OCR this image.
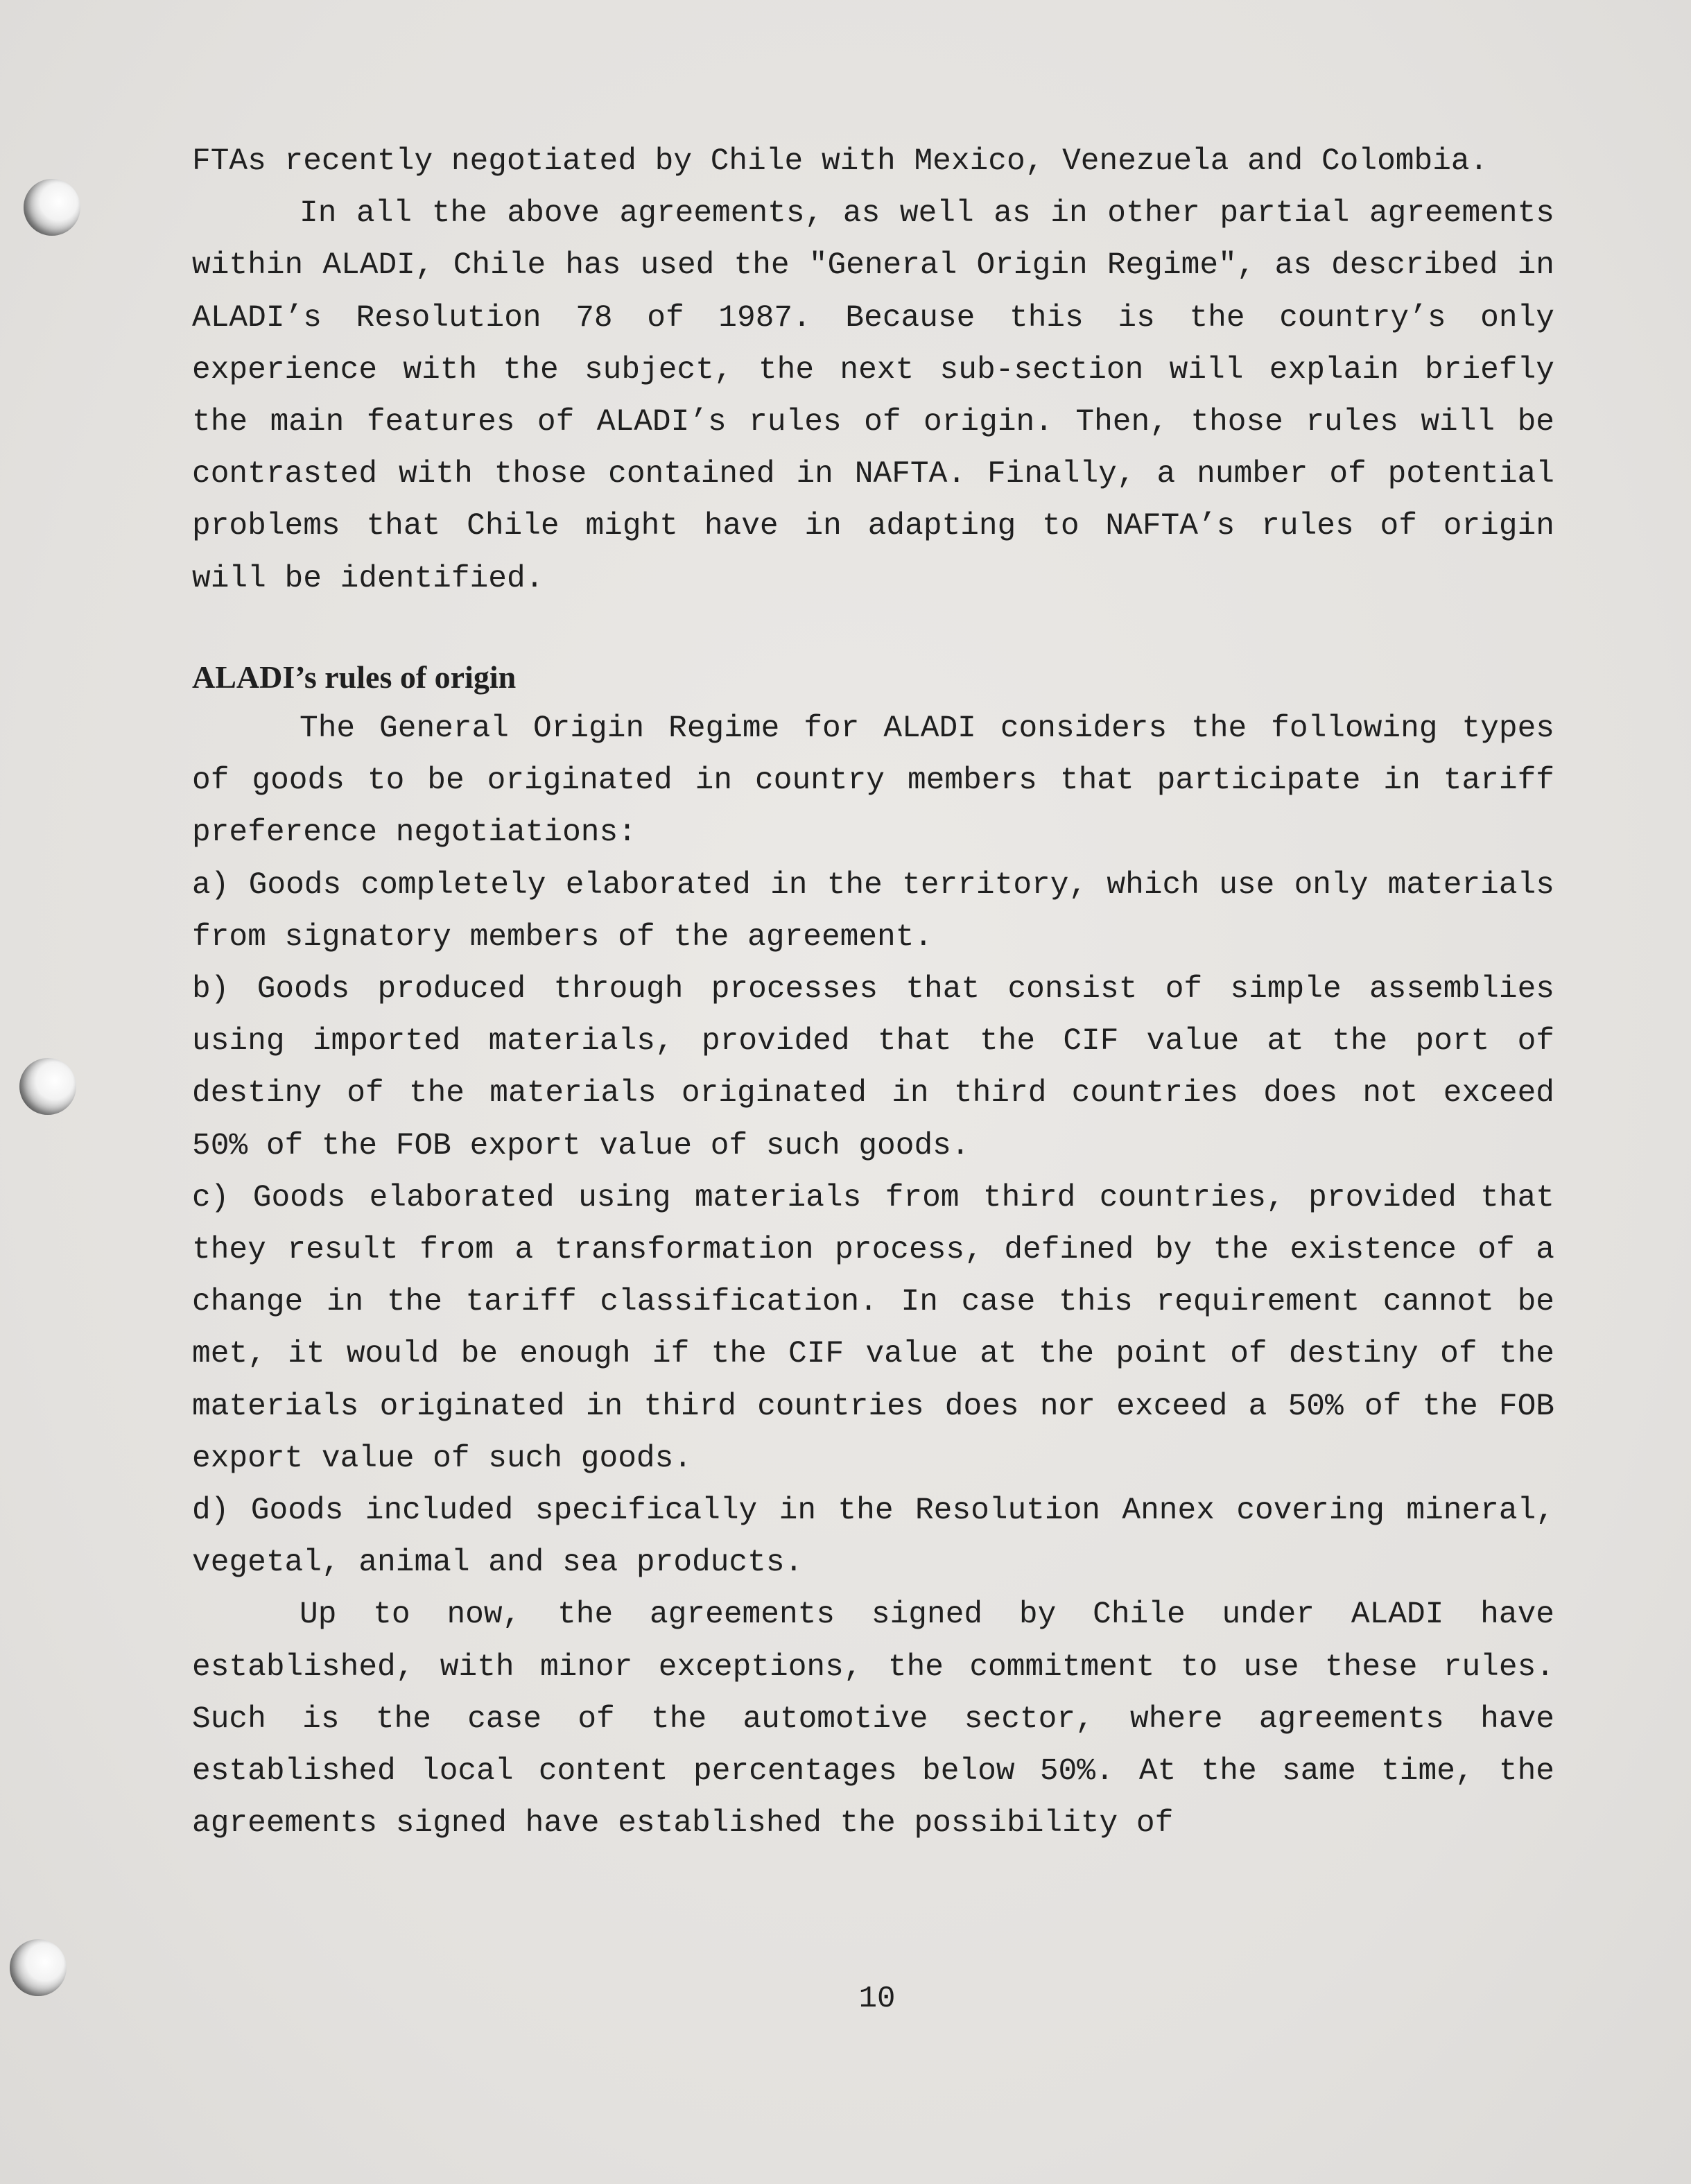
FTAs recently negotiated by Chile with Mexico, Venezuela and Colombia.

In all the above agreements, as well as in other partial agreements within ALADI, Chile has used the "General Origin Regime", as described in ALADI’s Resolution 78 of 1987. Because this is the country’s only experience with the subject, the next sub-section will explain briefly the main features of ALADI’s rules of origin. Then, those rules will be contrasted with those contained in NAFTA. Finally, a number of potential problems that Chile might have in adapting to NAFTA’s rules of origin will be identified.

ALADI’s rules of origin

The General Origin Regime for ALADI considers the following types of goods to be originated in country members that participate in tariff preference negotiations:

a) Goods completely elaborated in the territory, which use only materials from signatory members of the agreement.

b) Goods produced through processes that consist of simple assemblies using imported materials, provided that the CIF value at the port of destiny of the materials originated in third countries does not exceed 50% of the FOB export value of such goods.

c) Goods elaborated using materials from third countries, provided that they result from a transformation process, defined by the existence of a change in the tariff classification. In case this requirement cannot be met, it would be enough if the CIF value at the point of destiny of the materials originated in third countries does nor exceed a 50% of the FOB export value of such goods.

d) Goods included specifically in the Resolution Annex covering mineral, vegetal, animal and sea products.

Up to now, the agreements signed by Chile under ALADI have established, with minor exceptions, the commitment to use these rules. Such is the case of the automotive sector, where agreements have established local content percentages below 50%. At the same time, the agreements signed have established the possibility of

10
